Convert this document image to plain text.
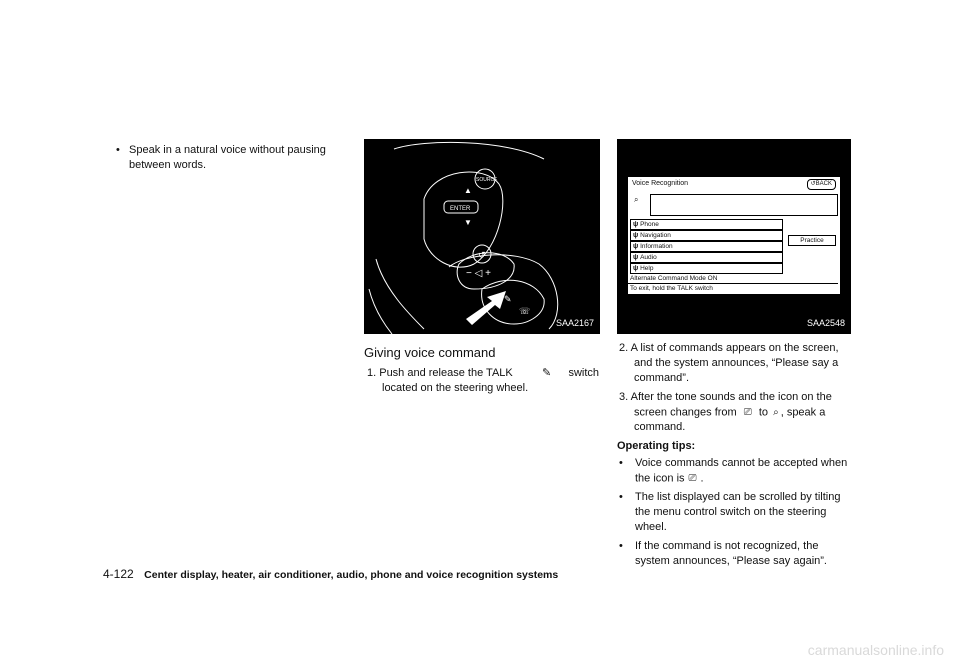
• Speak in a natural voice without pausing
between words.
ENTER
SOURCE
▲
▼
↺
− ◁ +
✎
☏
SAA2167
Voice Recognition	↺BACK
⌕
ψ Phone
ψ Navigation
ψ Information
ψ Audio
ψ Help
Practice
Alternate Command Mode ON
To exit, hold the TALK switch
SAA2548
Giving voice command
1. Push and release the TALK	✎ switch
located on the steering wheel.
2. A list of commands appears on the screen,
and the system announces, “Please say a
command”.
3. After the tone sounds and the icon on the
screen changes from ⎚ to ⌕ , speak a
command.
Operating tips:
• Voice commands cannot be accepted when
the icon is ⎚ .
• The list displayed can be scrolled by tilting
the menu control switch on the steering
wheel.
• If the command is not recognized, the
system announces, “Please say again”.
4-122 Center display, heater, air conditioner, audio, phone and voice recognition systems
carmanualsonline.info
